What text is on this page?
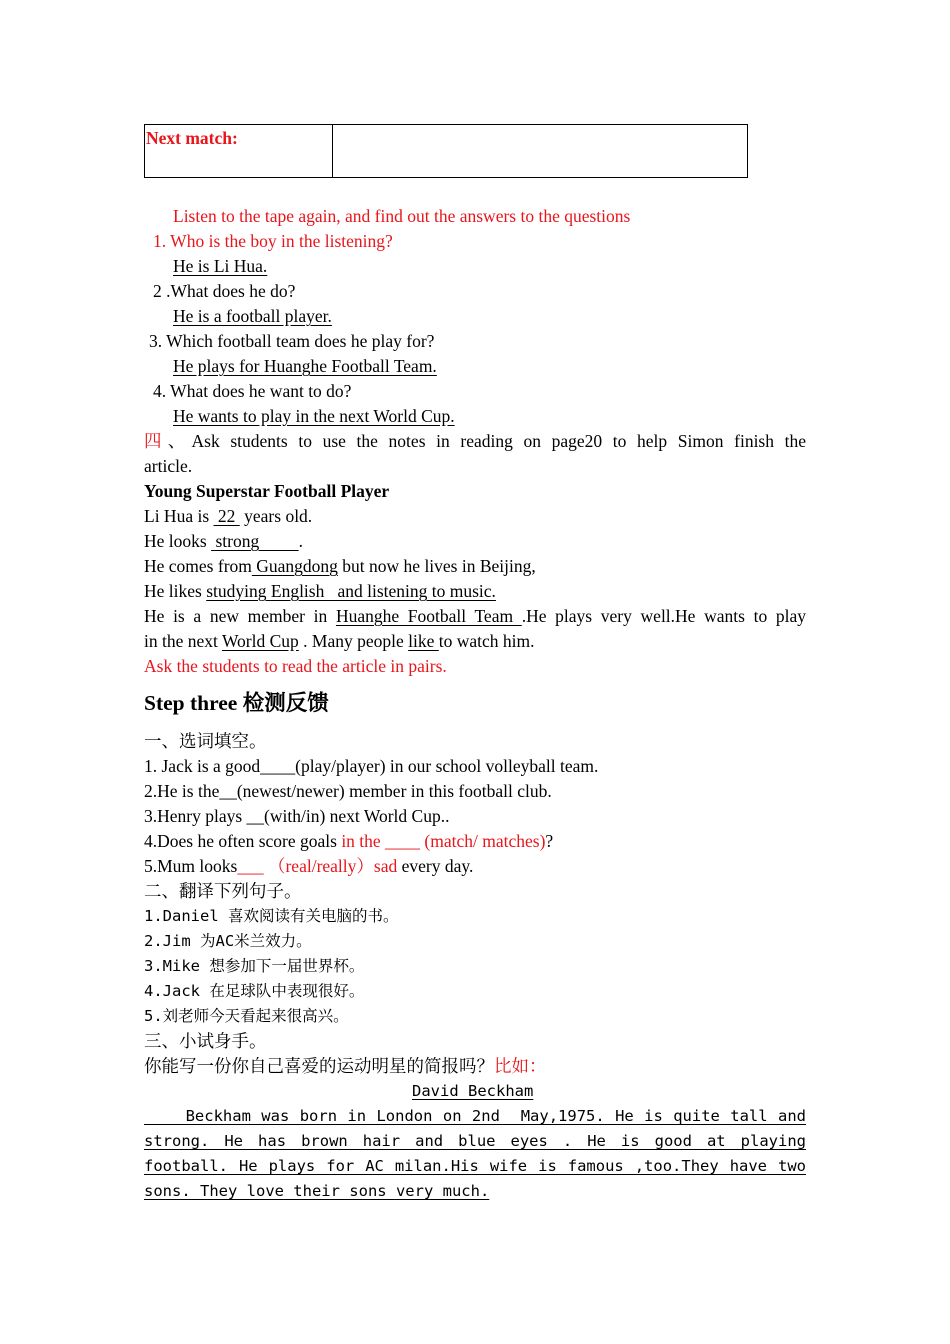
Next match:	
Listen to the tape again, and find out the answers to the questions
1. Who is the boy in the listening?
He is Li Hua.
2 .What does he do?
He is a football player.
3. Which football team does he play for?
He plays for Huanghe Football Team.
4. What does he want to do?
He wants to play in the next World Cup.
四、Ask students to use the notes in reading on page20 to help Simon finish the
article.
Young Superstar Football Player
Li Hua is  22  years old.
He looks  strong         .
He comes from Guangdong but now he lives in Beijing,
He likes studying English   and listening to music.
He is a new member in Huanghe Football Team .He plays very well.He wants to play
in the next World Cup . Many people like to watch him.
Ask the students to read the article in pairs.
Step three 检测反馈
一、选词填空。
1. Jack is a good____(play/player) in our school volleyball team.
2.He is the__(newest/newer) member in this football club.
3.Henry plays __(with/in) next World Cup..
4.Does he often score goals in the ____ (match/ matches)?
5.Mum looks___ （real/really）sad every day.
二、翻译下列句子。
1.Daniel 喜欢阅读有关电脑的书。
2.Jim 为AC米兰效力。
3.Mike 想参加下一届世界杯。
4.Jack 在足球队中表现很好。
5.刘老师今天看起来很高兴。
三、小试身手。
你能写一份你自己喜爱的运动明星的简报吗？比如：
David Beckham
Beckham was born in London on 2nd  May,1975. He is quite tall and
strong. He has brown hair and blue eyes . He is good at playing
football. He plays for AC milan.His wife is famous ,too.They have two
sons. They love their sons very much.
